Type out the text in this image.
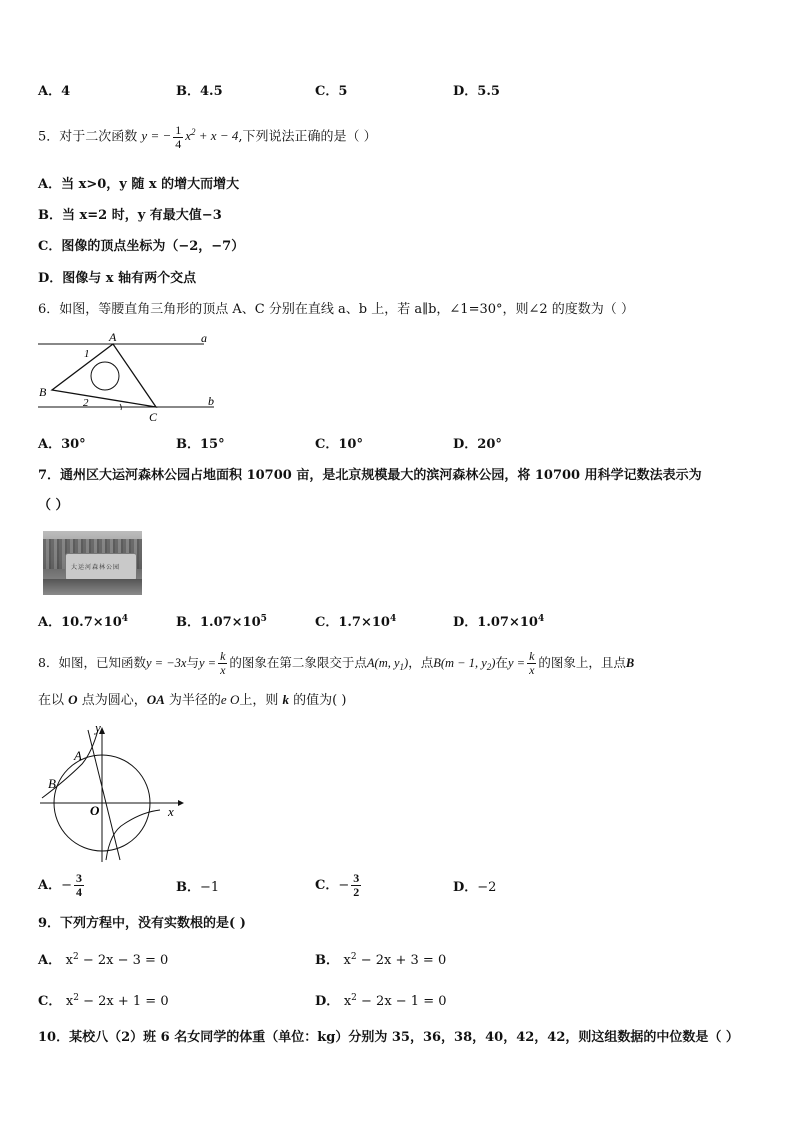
A．4	B．4.5	C．5	D．5.5
5．对于二次函数 y = − $\frac{1}{4} x^2 + x - 4$,下列说法正确的是（ ）
A．当 x>0，y 随 x 的增大而增大
B．当 x=2 时，y 有最大值−3
C．图像的顶点坐标为（−2，−7）
D．图像与 x 轴有两个交点
6．如图，等腰直角三角形的顶点 A、C 分别在直线 a、b 上，若 a∥b，∠1=30°，则∠2 的度数为（ ）
A
B
C
a
b
1
2
A．30°	B．15°	C．10°	D．20°
7．通州区大运河森林公园占地面积 10700 亩，是北京规模最大的滨河森林公园，将 10700 用科学记数法表示为
（ ）
大运河森林公园
A．$10.7\times 10^4$	B．$1.07\times 10^5$	C．$1.7\times 10^4$	D．$1.07\times 10^4$
8．如图，已知函数y = −3x与$y = \frac{k}{x}$ 的图象在第二象限交于点A(m, $y_1$)，点B(m − 1, $y_2$)在$y = \frac{k}{x}$ 的图象上，且点B
在以 O 点为圆心，OA 为半径的e O上，则 k 的值为( )
y
x
A
B
O
A．− $\frac{3}{4}$	B．−1	C．− $\frac{3}{2}$	D．−2
9．下列方程中，没有实数根的是( )
A． $x^2 - 2x - 3 = 0$	B． $x^2 - 2x + 3 = 0$
C． $x^2 - 2x + 1 = 0$	D． $x^2 - 2x - 1 = 0$
10．某校八（2）班 6 名女同学的体重（单位：kg）分别为 35，36，38，40，42，42，则这组数据的中位数是（ ）
